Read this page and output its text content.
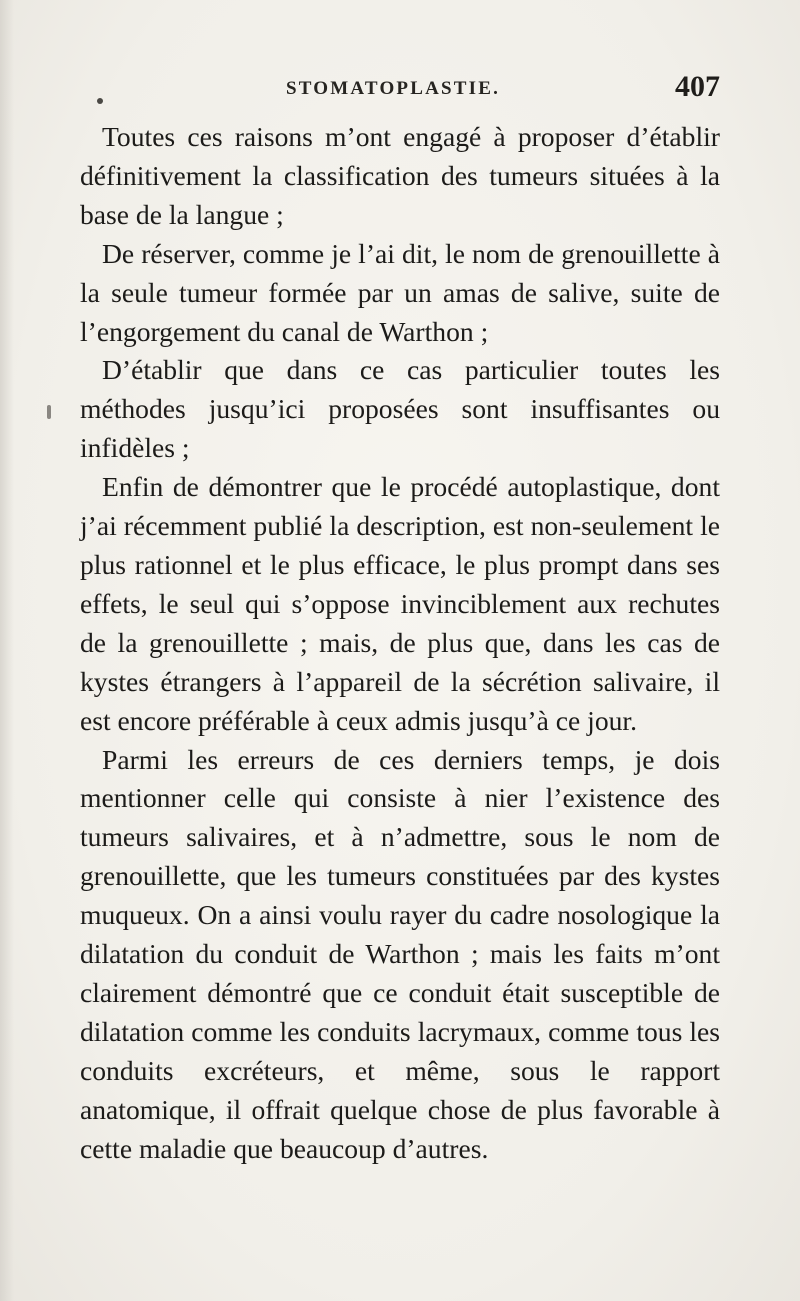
STOMATOPLASTIE.	407

Toutes ces raisons m’ont engagé à proposer d’établir définitivement la classification des tumeurs situées à la base de la langue ;

De réserver, comme je l’ai dit, le nom de grenouillette à la seule tumeur formée par un amas de salive, suite de l’engorgement du canal de Warthon ;

D’établir que dans ce cas particulier toutes les méthodes jusqu’ici proposées sont insuffisantes ou infidèles ;

Enfin de démontrer que le procédé autoplastique, dont j’ai récemment publié la description, est non-seulement le plus rationnel et le plus efficace, le plus prompt dans ses effets, le seul qui s’oppose invinciblement aux rechutes de la grenouillette ; mais, de plus que, dans les cas de kystes étrangers à l’appareil de la sécrétion salivaire, il est encore préférable à ceux admis jusqu’à ce jour.

Parmi les erreurs de ces derniers temps, je dois mentionner celle qui consiste à nier l’existence des tumeurs salivaires, et à n’admettre, sous le nom de grenouillette, que les tumeurs constituées par des kystes muqueux. On a ainsi voulu rayer du cadre nosologique la dilatation du conduit de Warthon ; mais les faits m’ont clairement démontré que ce conduit était susceptible de dilatation comme les conduits lacrymaux, comme tous les conduits excréteurs, et même, sous le rapport anatomique, il offrait quelque chose de plus favorable à cette maladie que beaucoup d’autres.
